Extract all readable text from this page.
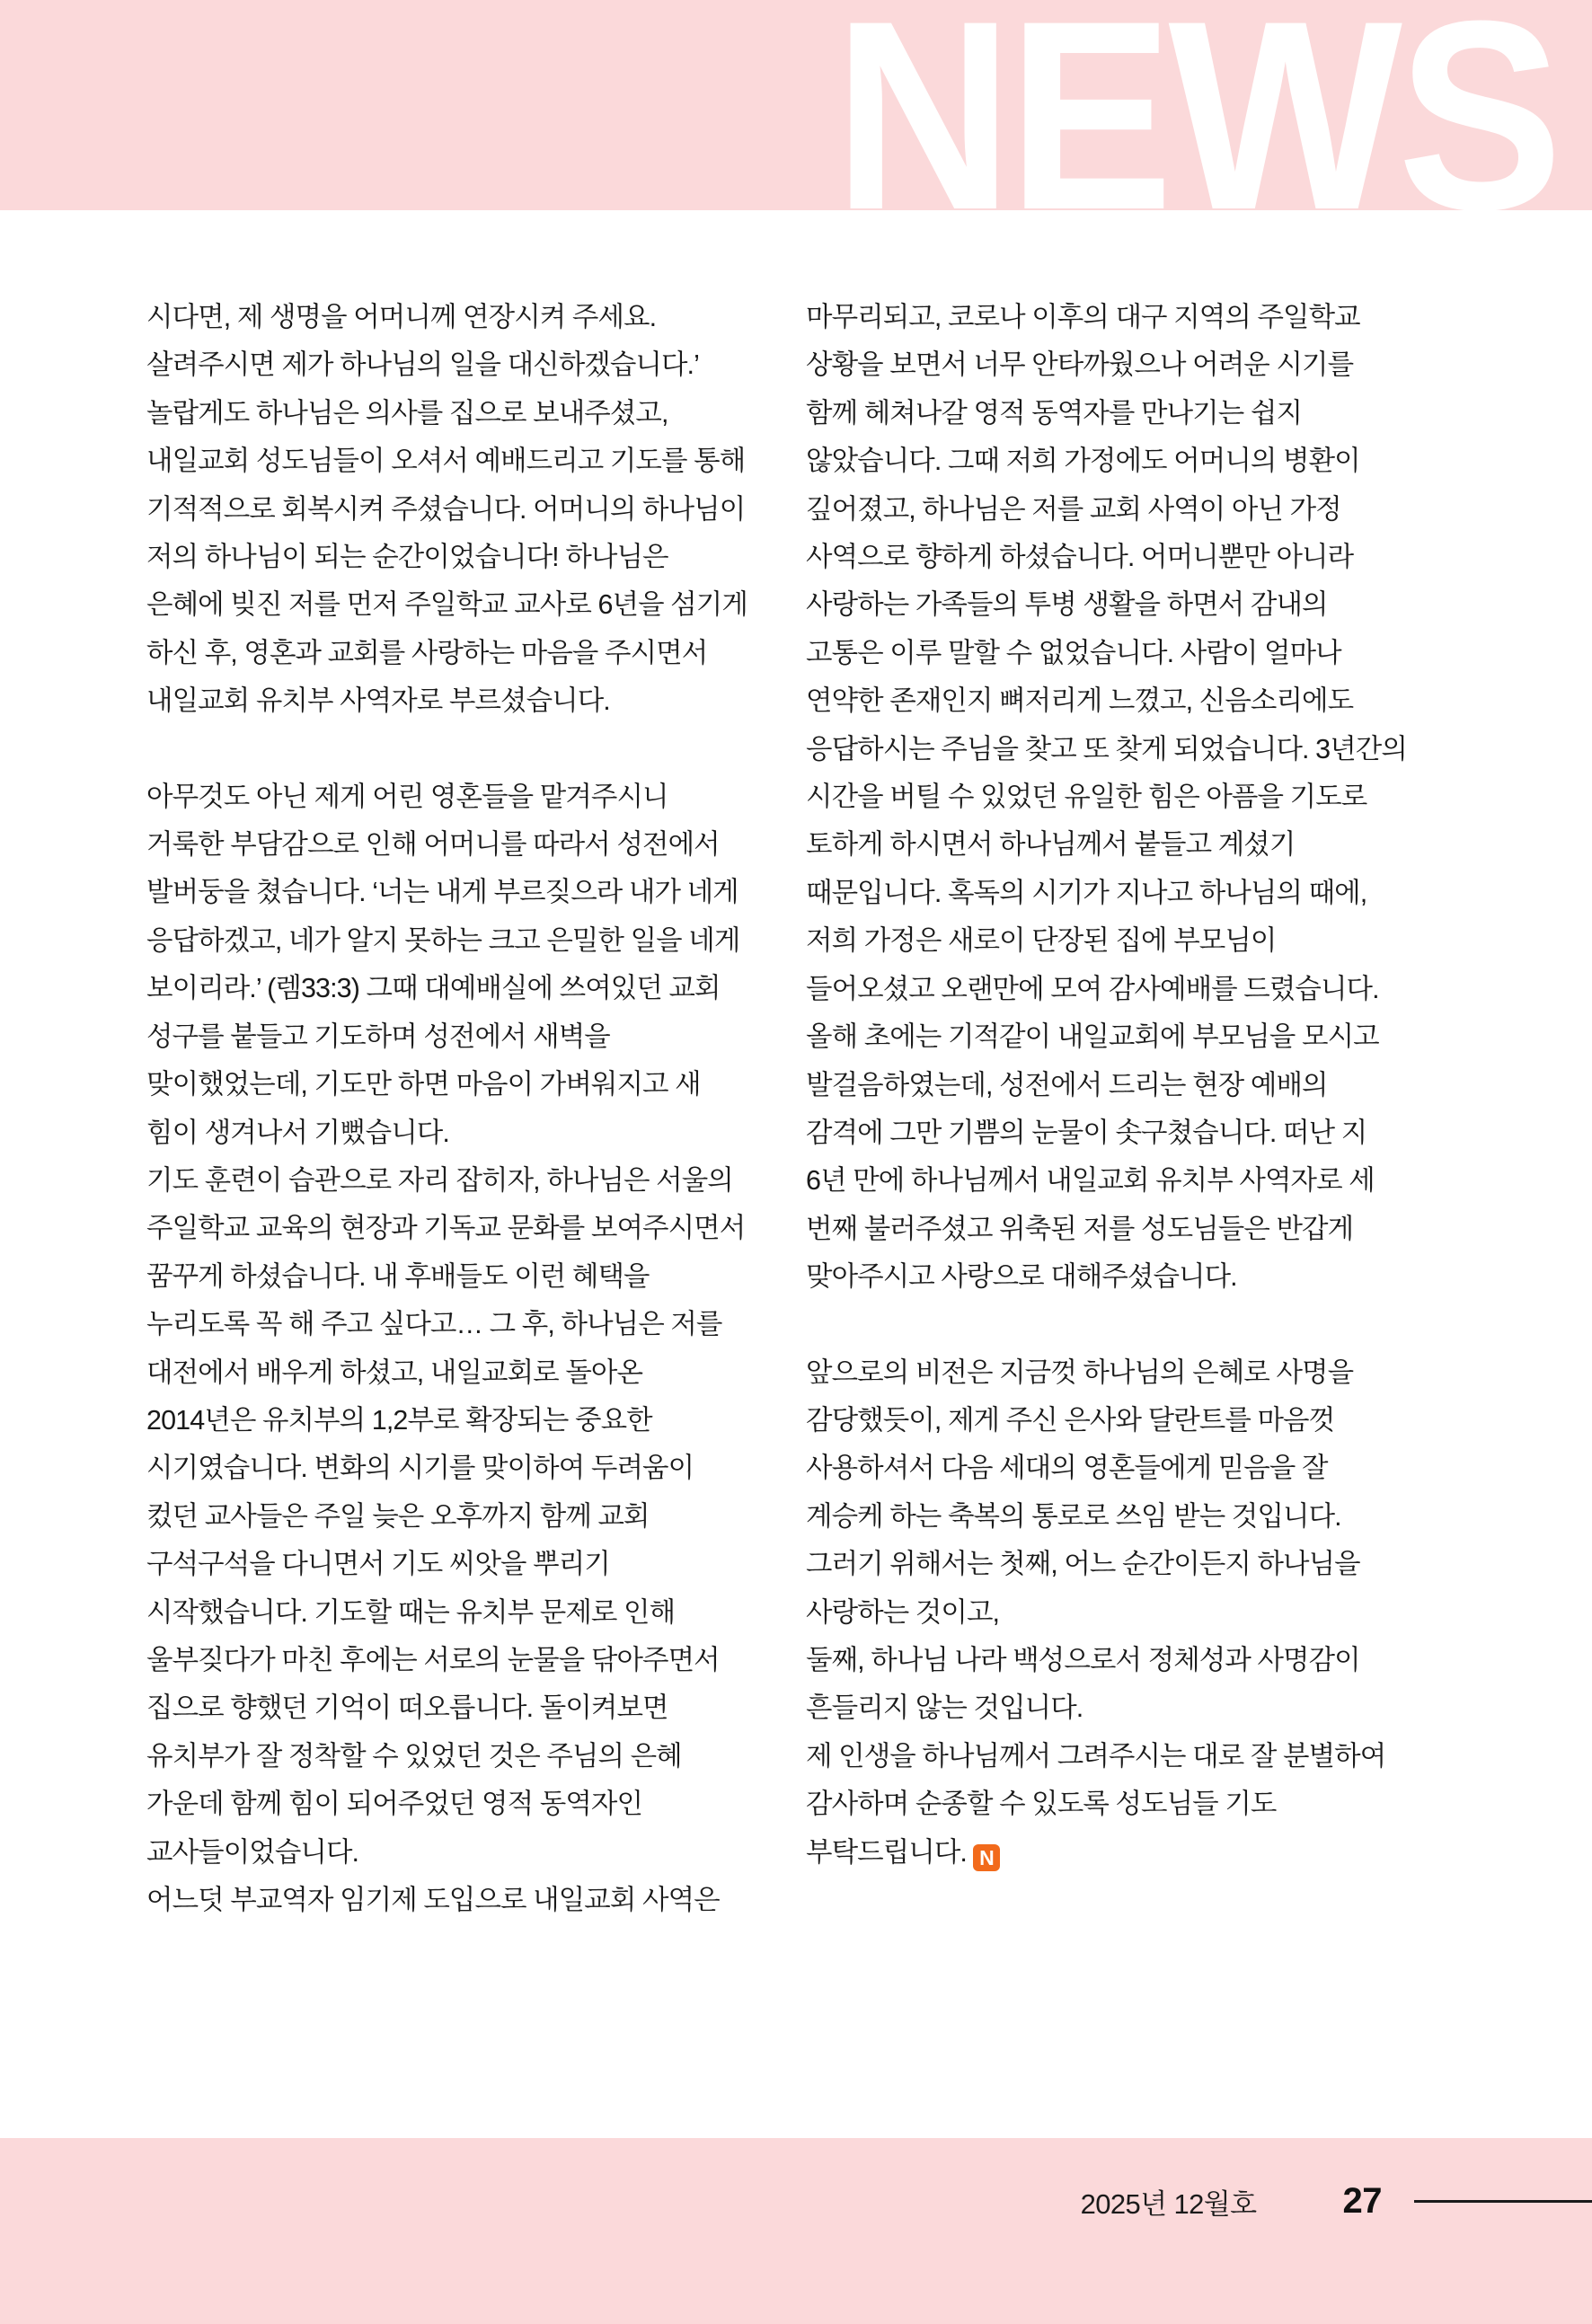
NEWS

시다면, 제 생명을 어머니께 연장시켜 주세요. 살려주시면 제가 하나님의 일을 대신하겠습니다.’ 놀랍게도 하나님은 의사를 집으로 보내주셨고, 내일교회 성도님들이 오셔서 예배드리고 기도를 통해 기적적으로 회복시켜 주셨습니다. 어머니의 하나님이 저의 하나님이 되는 순간이었습니다! 하나님은 은혜에 빚진 저를 먼저 주일학교 교사로 6년을 섬기게 하신 후, 영혼과 교회를 사랑하는 마음을 주시면서 내일교회 유치부 사역자로 부르셨습니다.

아무것도 아닌 제게 어린 영혼들을 맡겨주시니 거룩한 부담감으로 인해 어머니를 따라서 성전에서 발버둥을 쳤습니다. ‘너는 내게 부르짖으라 내가 네게 응답하겠고, 네가 알지 못하는 크고 은밀한 일을 네게 보이리라.’ (렘33:3) 그때 대예배실에 쓰여있던 교회 성구를 붙들고 기도하며 성전에서 새벽을 맞이했었는데, 기도만 하면 마음이 가벼워지고 새 힘이 생겨나서 기뻤습니다.

기도 훈련이 습관으로 자리 잡히자, 하나님은 서울의 주일학교 교육의 현장과 기독교 문화를 보여주시면서 꿈꾸게 하셨습니다. 내 후배들도 이런 혜택을 누리도록 꼭 해 주고 싶다고… 그 후, 하나님은 저를 대전에서 배우게 하셨고, 내일교회로 돌아온 2014년은 유치부의 1,2부로 확장되는 중요한 시기였습니다. 변화의 시기를 맞이하여 두려움이 컸던 교사들은 주일 늦은 오후까지 함께 교회 구석구석을 다니면서 기도 씨앗을 뿌리기 시작했습니다. 기도할 때는 유치부 문제로 인해 울부짖다가 마친 후에는 서로의 눈물을 닦아주면서 집으로 향했던 기억이 떠오릅니다. 돌이켜보면 유치부가 잘 정착할 수 있었던 것은 주님의 은혜 가운데 함께 힘이 되어주었던 영적 동역자인 교사들이었습니다.

어느덧 부교역자 임기제 도입으로 내일교회 사역은

마무리되고, 코로나 이후의 대구 지역의 주일학교 상황을 보면서 너무 안타까웠으나 어려운 시기를 함께 헤쳐나갈 영적 동역자를 만나기는 쉽지 않았습니다. 그때 저희 가정에도 어머니의 병환이 깊어졌고, 하나님은 저를 교회 사역이 아닌 가정 사역으로 향하게 하셨습니다. 어머니뿐만 아니라 사랑하는 가족들의 투병 생활을 하면서 감내의 고통은 이루 말할 수 없었습니다. 사람이 얼마나 연약한 존재인지 뼈저리게 느꼈고, 신음소리에도 응답하시는 주님을 찾고 또 찾게 되었습니다. 3년간의 시간을 버틸 수 있었던 유일한 힘은 아픔을 기도로 토하게 하시면서 하나님께서 붙들고 계셨기 때문입니다. 혹독의 시기가 지나고 하나님의 때에, 저희 가정은 새로이 단장된 집에 부모님이 들어오셨고 오랜만에 모여 감사예배를 드렸습니다.

올해 초에는 기적같이 내일교회에 부모님을 모시고 발걸음하였는데, 성전에서 드리는 현장 예배의 감격에 그만 기쁨의 눈물이 솟구쳤습니다. 떠난 지 6년 만에 하나님께서 내일교회 유치부 사역자로 세 번째 불러주셨고 위축된 저를 성도님들은 반갑게 맞아주시고 사랑으로 대해주셨습니다.

앞으로의 비전은 지금껏 하나님의 은혜로 사명을 감당했듯이, 제게 주신 은사와 달란트를 마음껏 사용하셔서 다음 세대의 영혼들에게 믿음을 잘 계승케 하는 축복의 통로로 쓰임 받는 것입니다.

그러기 위해서는 첫째, 어느 순간이든지 하나님을 사랑하는 것이고,

둘째, 하나님 나라 백성으로서 정체성과 사명감이 흔들리지 않는 것입니다.

제 인생을 하나님께서 그려주시는 대로 잘 분별하여 감사하며 순종할 수 있도록 성도님들 기도 부탁드립니다. N

2025년 12월호 27
